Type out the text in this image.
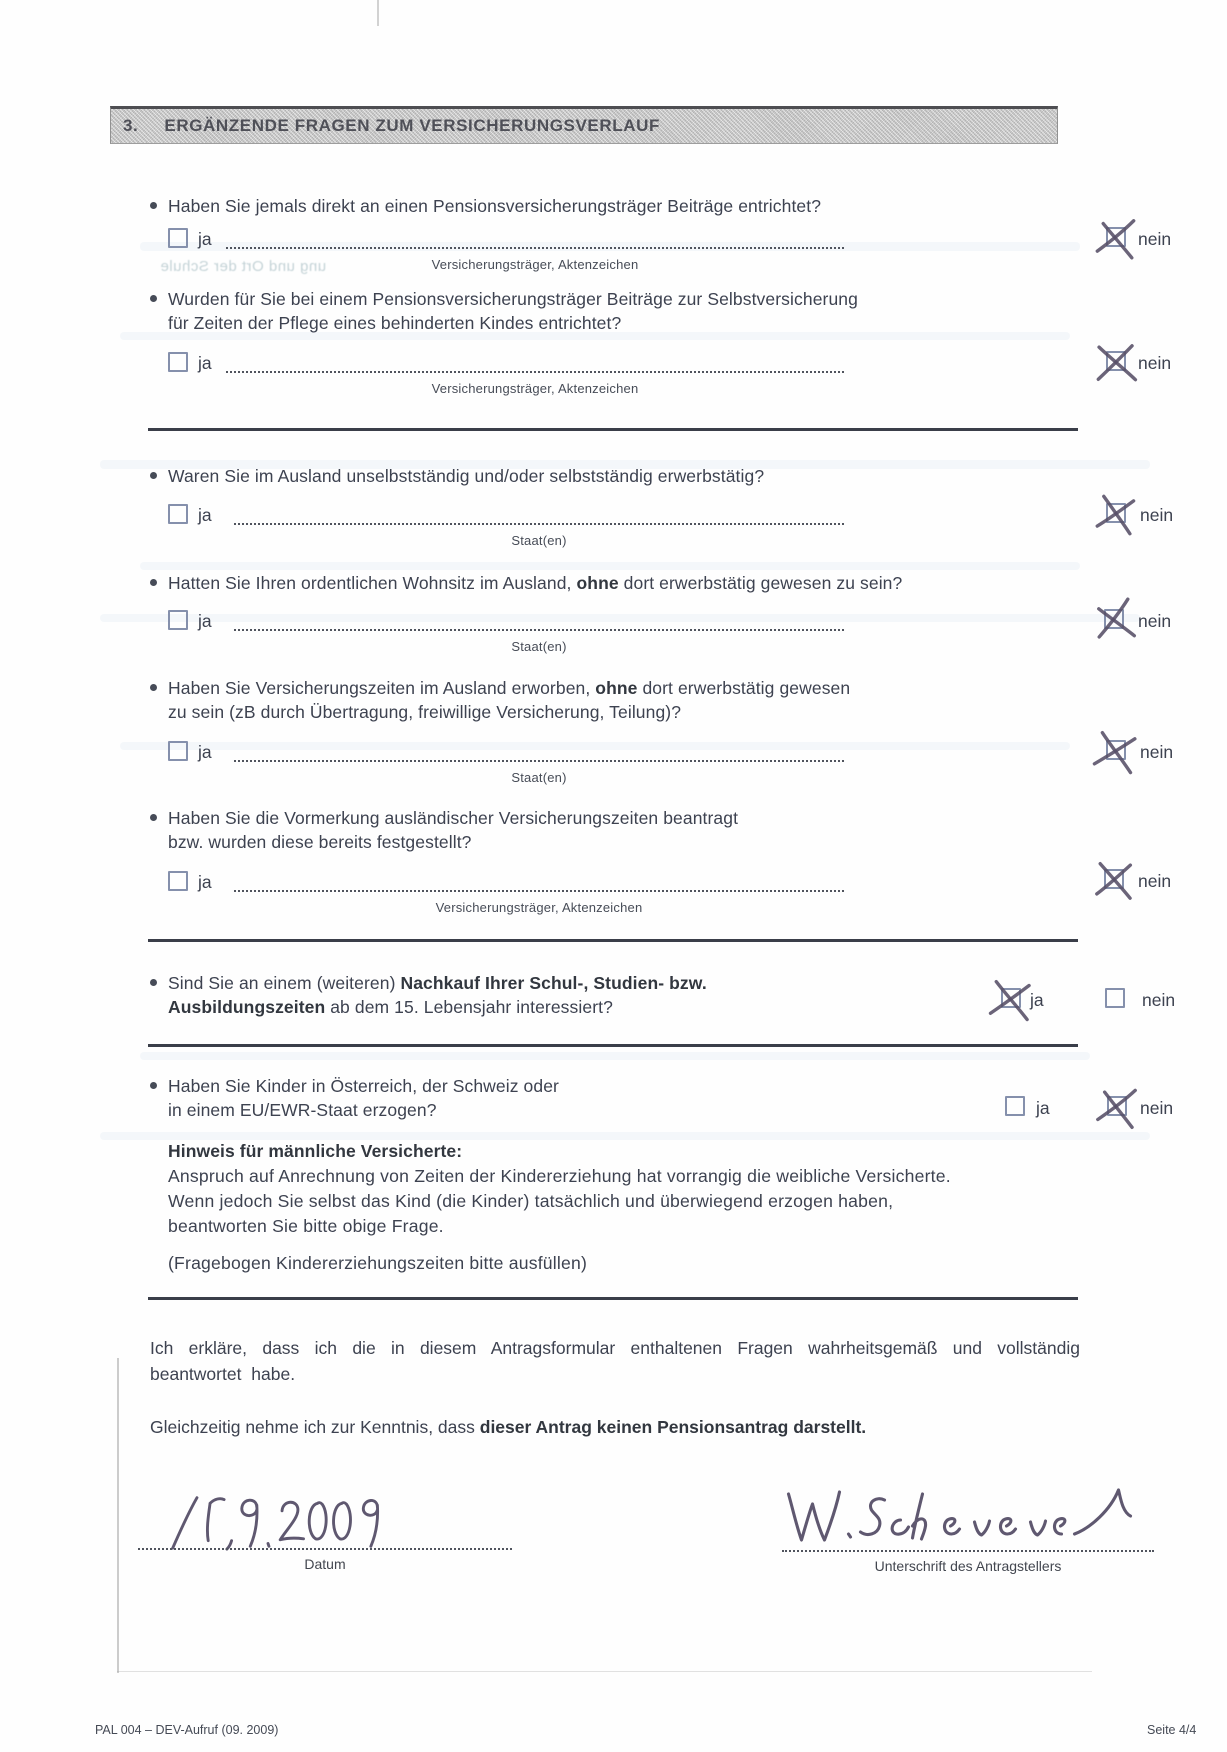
ung und Ort der Schule
3. ERGÄNZENDE FRAGEN ZUM VERSICHERUNGSVERLAUF
Haben Sie jemals direkt an einen Pensionsversicherungsträger Beiträge entrichtet?
ja
Versicherungsträger, Aktenzeichen
nein
Wurden für Sie bei einem Pensionsversicherungsträger Beiträge zur Selbstversicherung
für Zeiten der Pflege eines behinderten Kindes entrichtet?
ja
Versicherungsträger, Aktenzeichen
nein
Waren Sie im Ausland unselbstständig und/oder selbstständig erwerbstätig?
ja
Staat(en)
nein
Hatten Sie Ihren ordentlichen Wohnsitz im Ausland, ohne dort erwerbstätig gewesen zu sein?
ja
Staat(en)
nein
Haben Sie Versicherungszeiten im Ausland erworben, ohne dort erwerbstätig gewesen
zu sein (zB durch Übertragung, freiwillige Versicherung, Teilung)?
ja
Staat(en)
nein
Haben Sie die Vormerkung ausländischer Versicherungszeiten beantragt
bzw. wurden diese bereits festgestellt?
ja
Versicherungsträger, Aktenzeichen
nein
Sind Sie an einem (weiteren) Nachkauf Ihrer Schul-, Studien- bzw.
Ausbildungszeiten ab dem 15. Lebensjahr interessiert?	ja	nein
Haben Sie Kinder in Österreich, der Schweiz oder
in einem EU/EWR-Staat erzogen?	ja	nein
Hinweis für männliche Versicherte:
Anspruch auf Anrechnung von Zeiten der Kindererziehung hat vorrangig die weibliche Versicherte.
Wenn jedoch Sie selbst das Kind (die Kinder) tatsächlich und überwiegend erzogen haben,
beantworten Sie bitte obige Frage.
(Fragebogen Kindererziehungszeiten bitte ausfüllen)
Ich erkläre, dass ich die in diesem Antragsformular enthaltenen Fragen wahrheitsgemäß und vollständig
beantwortet habe.
Gleichzeitig nehme ich zur Kenntnis, dass dieser Antrag keinen Pensionsantrag darstellt.
Datum	Unterschrift des Antragstellers
PAL 004 – DEV-Aufruf (09. 2009)	Seite 4/4
